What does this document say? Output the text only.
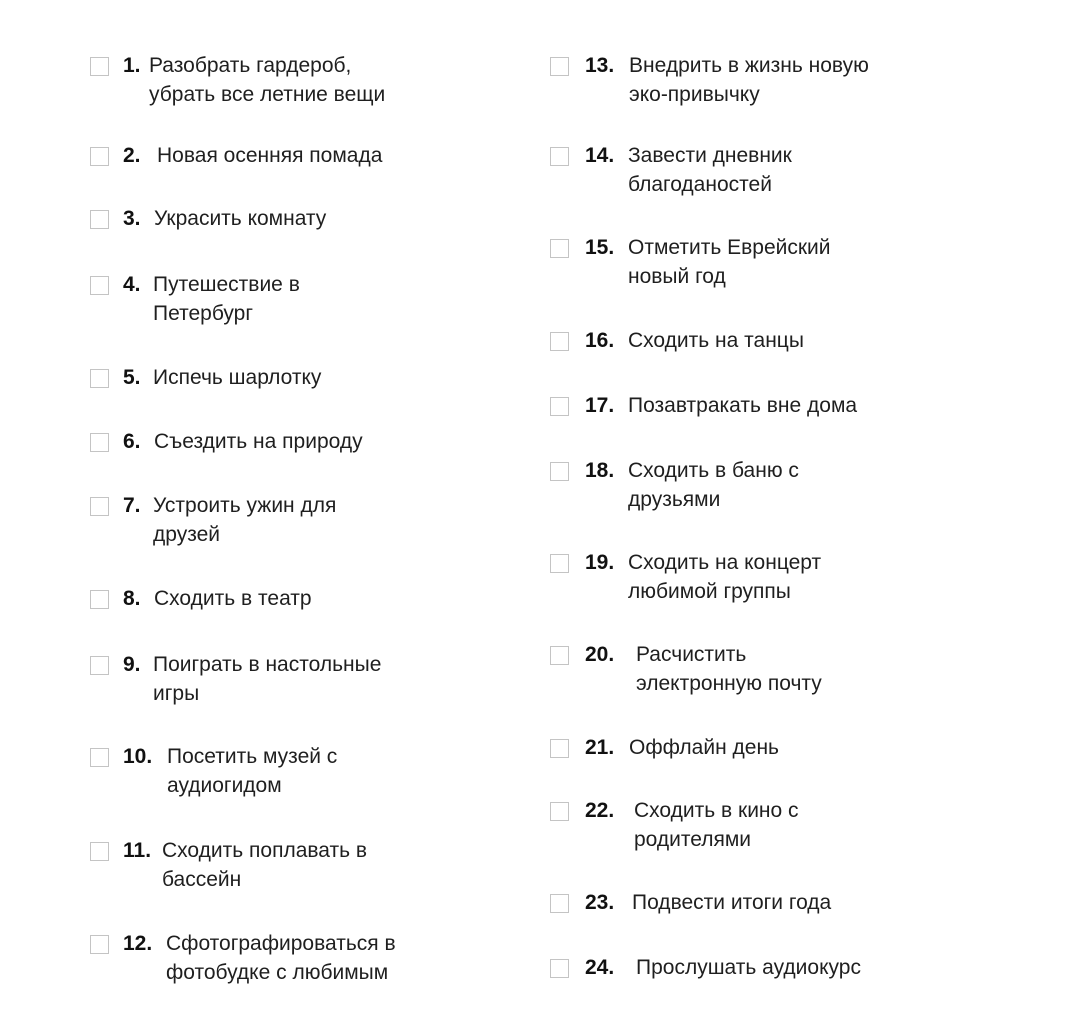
1. Разобрать гардероб,
убрать все летние вещи
2. Новая осенняя помада
3. Украсить комнату
4. Путешествие в
Петербург
5. Испечь шарлотку
6. Съездить на природу
7. Устроить ужин для
друзей
8. Сходить в театр
9. Поиграть в настольные
игры
10. Посетить музей с
аудиогидом
11. Сходить поплавать в
бассейн
12. Сфотографироваться в
фотобудке с любимым
13. Внедрить в жизнь новую
эко-привычку
14. Завести дневник
благоданостей
15. Отметить Еврейский
новый год
16. Сходить на танцы
17. Позавтракать вне дома
18. Сходить в баню с
друзьями
19. Сходить на концерт
любимой группы
20. Расчистить
электронную почту
21. Оффлайн день
22. Сходить в кино с
родителями
23. Подвести итоги года
24. Прослушать аудиокурс
